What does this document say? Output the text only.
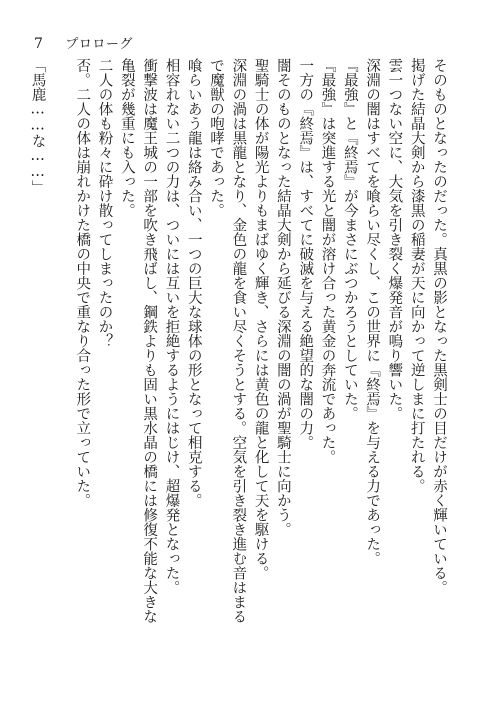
7 プロローグ
そのものとなったのだった。真黒の影となった黒剣士の目だけが赤く輝いている。
掲げた結晶大剣から漆黒の稲妻が天に向かって逆しまに打たれる。
雲一つない空に、大気を引き裂く爆発音が鳴り響いた。
深淵の闇はすべてを喰らい尽くし、この世界に『終焉』を与える力であった。
『最強』と『終焉』が今まさにぶつかろうとしていた。
『最強』は突進する光と闇が溶け合った黄金の奔流であった。
一方の『終焉』は、すべてに破滅を与える絶望的な闇の力。
闇そのものとなった結晶大剣から延びる深淵の闇の渦が聖騎士に向かう。
聖騎士の体が陽光よりもまばゆく輝き、さらには黄色の龍と化して天を駆ける。
深淵の渦は黒龍となり、金色の龍を食い尽くそうとする。空気を引き裂き進む音はまる
で魔獣の咆哮であった。
喰らいあう龍は絡み合い、一つの巨大な球体の形となって相克する。
相容れない二つの力は、ついには互いを拒絶するようにはじけ、超爆発となった。
衝撃波は魔王城の一部を吹き飛ばし、鋼鉄よりも固い黒水晶の橋には修復不能な大きな
亀裂が幾重にも入った。
二人の体も粉々に砕け散ってしまったのか？
否。二人の体は崩れかけた橋の中央で重なり合った形で立っていた。
「馬鹿……な……」
